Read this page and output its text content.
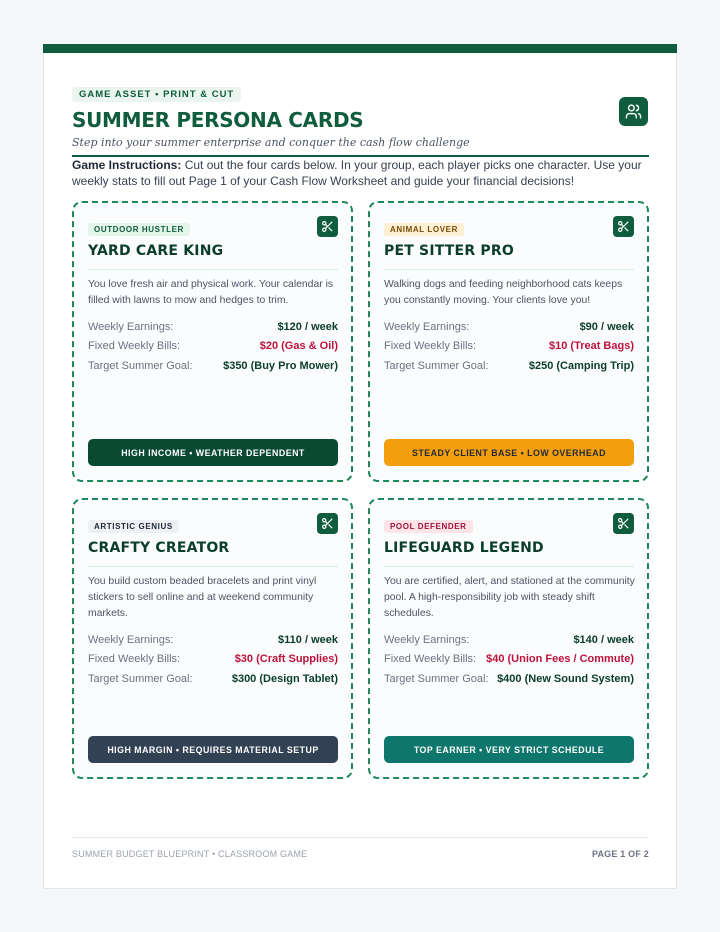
GAME ASSET • PRINT & CUT
SUMMER PERSONA CARDS
Step into your summer enterprise and conquer the cash flow challenge
Game Instructions: Cut out the four cards below. In your group, each player picks one character. Use your weekly stats to fill out Page 1 of your Cash Flow Worksheet and guide your financial decisions!
OUTDOOR HUSTLER
YARD CARE KING
You love fresh air and physical work. Your calendar is filled with lawns to mow and hedges to trim.
Weekly Earnings:	$120 / week
Fixed Weekly Bills:	$20 (Gas & Oil)
Target Summer Goal:	$350 (Buy Pro Mower)
HIGH INCOME • WEATHER DEPENDENT
ANIMAL LOVER
PET SITTER PRO
Walking dogs and feeding neighborhood cats keeps you constantly moving. Your clients love you!
Weekly Earnings:	$90 / week
Fixed Weekly Bills:	$10 (Treat Bags)
Target Summer Goal:	$250 (Camping Trip)
STEADY CLIENT BASE • LOW OVERHEAD
ARTISTIC GENIUS
CRAFTY CREATOR
You build custom beaded bracelets and print vinyl stickers to sell online and at weekend community markets.
Weekly Earnings:	$110 / week
Fixed Weekly Bills:	$30 (Craft Supplies)
Target Summer Goal:	$300 (Design Tablet)
HIGH MARGIN • REQUIRES MATERIAL SETUP
POOL DEFENDER
LIFEGUARD LEGEND
You are certified, alert, and stationed at the community pool. A high-responsibility job with steady shift schedules.
Weekly Earnings:	$140 / week
Fixed Weekly Bills: $40 (Union Fees / Commute)
Target Summer Goal: $400 (New Sound System)
TOP EARNER • VERY STRICT SCHEDULE
SUMMER BUDGET BLUEPRINT • CLASSROOM GAME	PAGE 1 OF 2
